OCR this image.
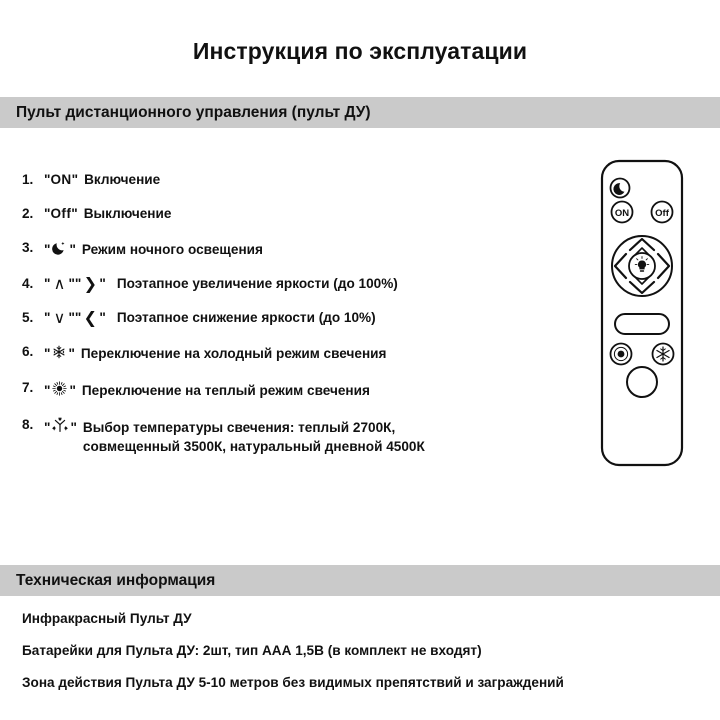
Инструкция по эксплуатации
Пульт дистанционного управления (пульт ДУ)
1. " ON " Включение
2. " Off " Выключение
3. " " Режим ночного освещения
4. " ∧ " " ❯ " Поэтапное увеличение яркости (до 100%)
5. " ∨ " " ❮ " Поэтапное снижение яркости (до 10%)
6. " " Переключение на холодный режим свечения
7. " " Переключение на теплый режим свечения
8. " " Выбор температуры свечения: теплый 2700К,
совмещенный 3500К, натуральный дневной 4500К
ON	Off
Техническая информация
Инфракрасный Пульт ДУ
Батарейки для Пульта ДУ: 2шт, тип ААА 1,5В (в комплект не входят)
Зона действия Пульта ДУ 5-10 метров без видимых препятствий и заграждений
